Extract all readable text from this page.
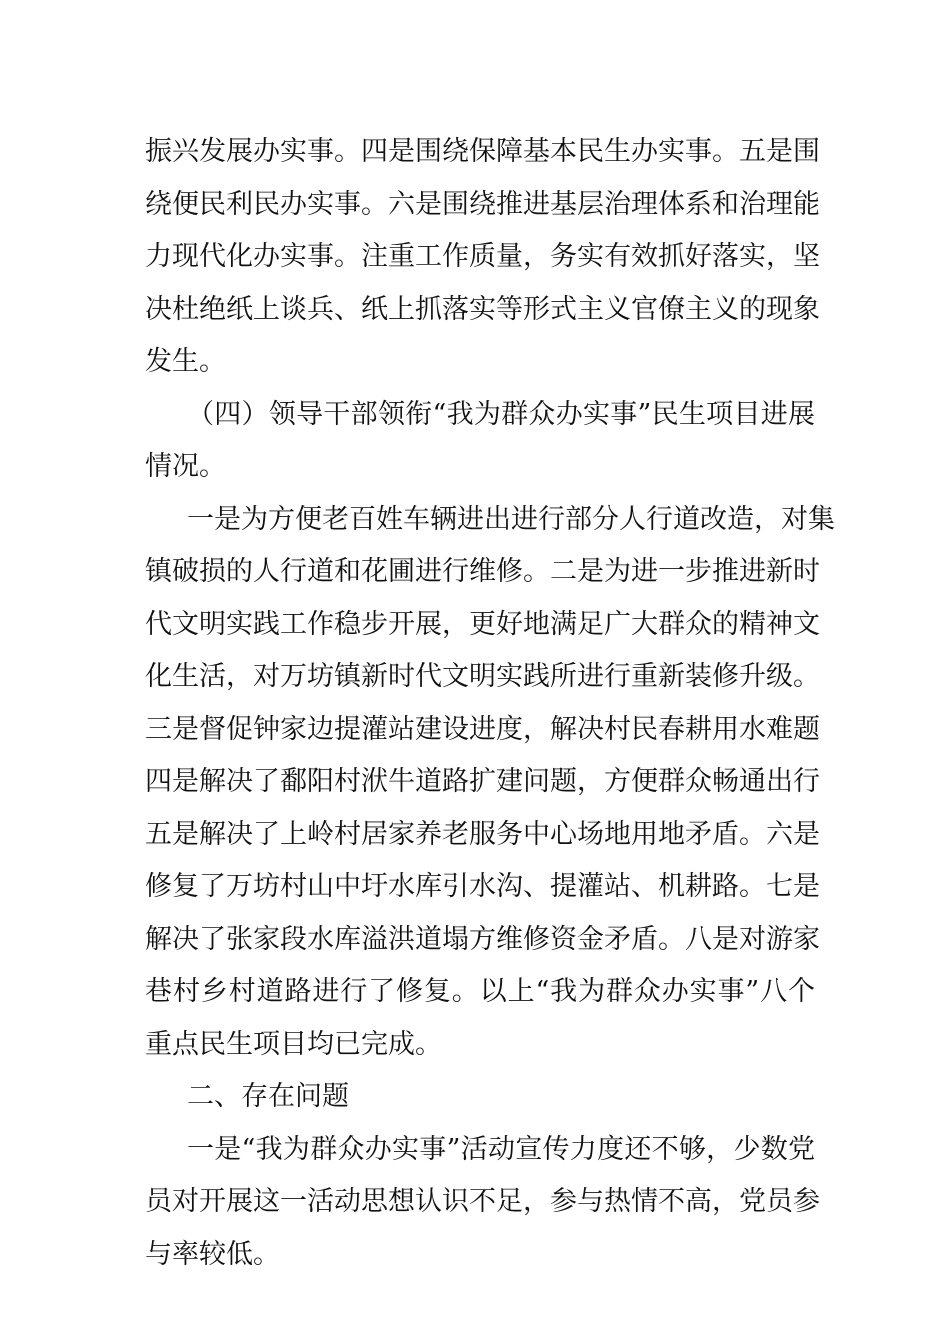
振兴发展办实事。四是围绕保障基本民生办实事。五是围
绕便民利民办实事。六是围绕推进基层治理体系和治理能
力现代化办实事。注重工作质量，务实有效抓好落实，坚
决杜绝纸上谈兵、纸上抓落实等形式主义官僚主义的现象
发生。
（四）领导干部领衔“我为群众办实事”民生项目进展
情况。
一是为方便老百姓车辆进出进行部分人行道改造，对集
镇破损的人行道和花圃进行维修。二是为进一步推进新时
代文明实践工作稳步开展，更好地满足广大群众的精神文
化生活，对万坊镇新时代文明实践所进行重新装修升级。
三是督促钟家边提灌站建设进度，解决村民春耕用水难题
四是解决了鄱阳村洑牛道路扩建问题，方便群众畅通出行
五是解决了上岭村居家养老服务中心场地用地矛盾。六是
修复了万坊村山中圩水库引水沟、提灌站、机耕路。七是
解决了张家段水库溢洪道塌方维修资金矛盾。八是对游家
巷村乡村道路进行了修复。以上“我为群众办实事”八个
重点民生项目均已完成。
二、存在问题
一是“我为群众办实事”活动宣传力度还不够，少数党
员对开展这一活动思想认识不足，参与热情不高，党员参
与率较低。
